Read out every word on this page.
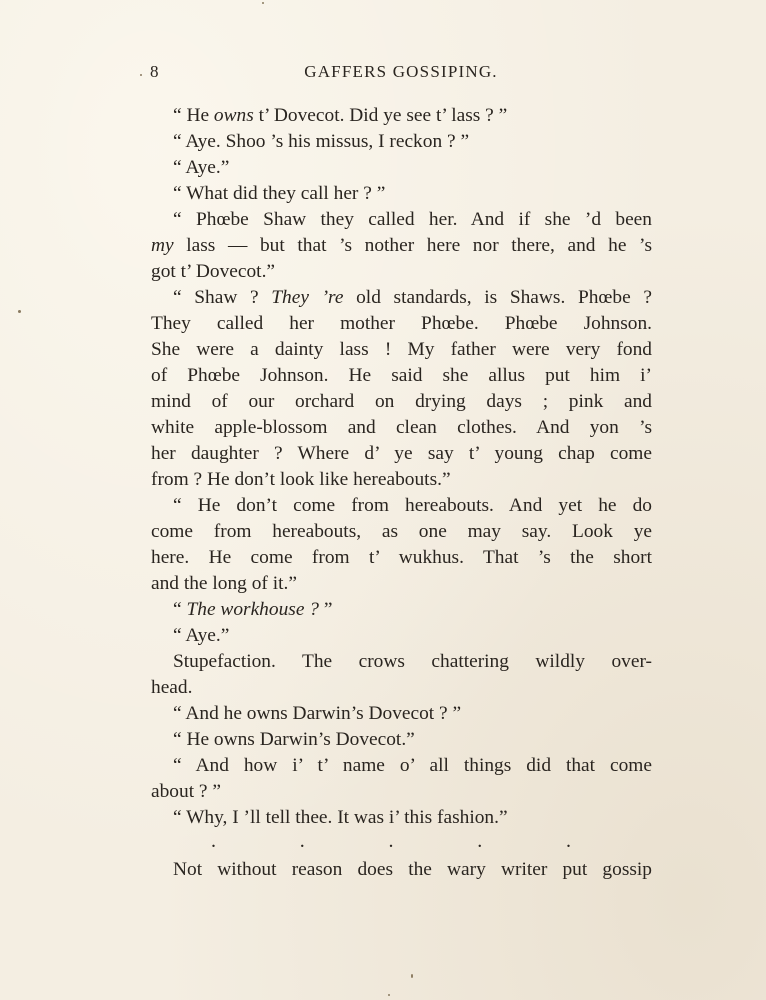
8	GAFFERS GOSSIPING.
“ He owns t’ Dovecot. Did ye see t’ lass ? ”
“ Aye. Shoo ’s his missus, I reckon ? ”
“ Aye.”
“ What did they call her ? ”
“ Phœbe Shaw they called her. And if she ’d been
my lass — but that ’s nother here nor there, and he ’s
got t’ Dovecot.”
“ Shaw ? They ’re old standards, is Shaws. Phœbe ?
They called her mother Phœbe. Phœbe Johnson.
She were a dainty lass ! My father were very fond
of Phœbe Johnson. He said she allus put him i’
mind of our orchard on drying days ; pink and
white apple-blossom and clean clothes. And yon ’s
her daughter ? Where d’ ye say t’ young chap come
from ? He don’t look like hereabouts.”
“ He don’t come from hereabouts. And yet he do
come from hereabouts, as one may say. Look ye
here. He come from t’ wukhus. That ’s the short
and the long of it.”
“ The workhouse ? ”
“ Aye.”
Stupefaction. The crows chattering wildly over-
head.
“ And he owns Darwin’s Dovecot ? ”
“ He owns Darwin’s Dovecot.”
“ And how i’ t’ name o’ all things did that come
about ? ”
“ Why, I ’ll tell thee. It was i’ this fashion.”
.	.	.	.	.
Not without reason does the wary writer put gossip
